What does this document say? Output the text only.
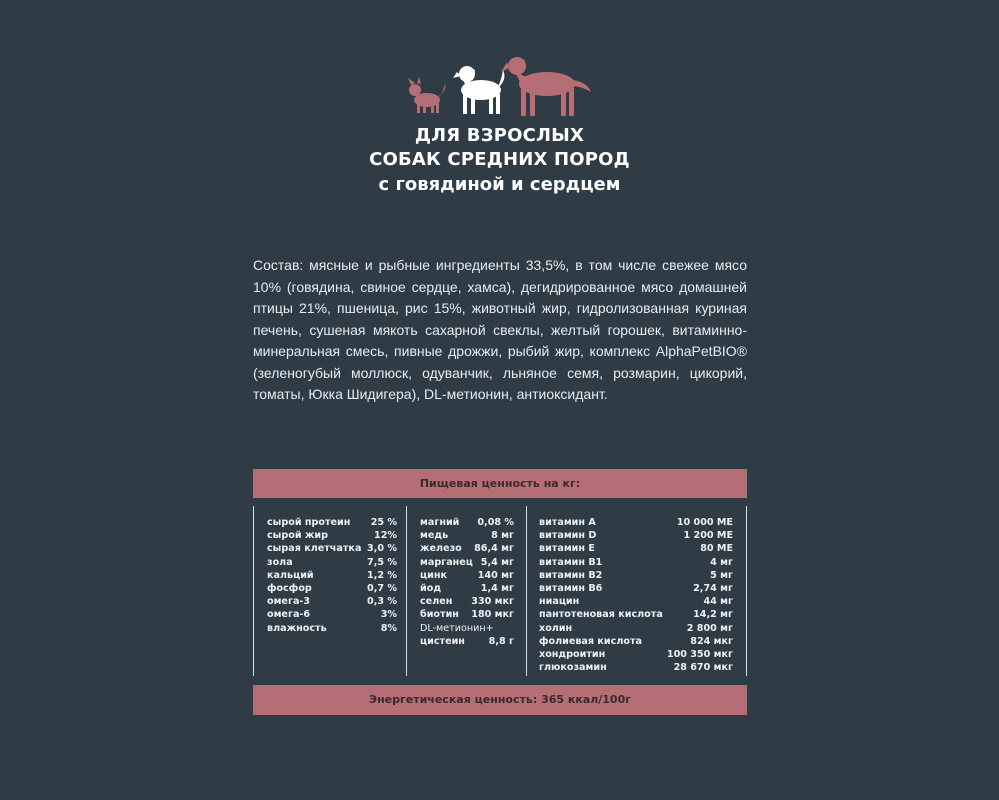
ДЛЯ ВЗРОСЛЫХ
СОБАК СРЕДНИХ ПОРОД
с говядиной и сердцем
Состав: мясные и рыбные ингредиенты 33,5%, в том числе свежее мясо 10% (говядина, свиное сердце, хамса), дегидрированное мясо домашней птицы 21%, пшеница, рис 15%, животный жир, гидролизованная куриная печень, сушеная мякоть сахарной свеклы, желтый горошек, витаминно-минеральная смесь, пивные дрожжи, рыбий жир, комплекс AlphaPetBIO® (зеленогубый моллюск, одуванчик, льняное семя, розмарин, цикорий, томаты, Юкка Шидигера), DL-метионин, антиоксидант.
Пищевая ценность на кг:
сырой протеин 25 %
сырой жир	12%
сырая клетчатка 3,0 %
зола	7,5 %
кальций	1,2 %
фосфор	0,7 %
омега-3	0,3 %
омега-6	3%
влажность	8%
магний 0,08 %
медь	8 мг
железо 86,4 мг
марганец 5,4 мг
цинк	140 мг
йод	1,4 мг
селен 330 мкг
биотин 180 мкг
DL-метионин+
цистеин 8,8 г
витамин А	10 000 МЕ
витамин D	1 200 МЕ
витамин Е	80 МЕ
витамин В1	4 мг
витамин В2	5 мг
витамин В6	2,74 мг
ниацин	44 мг
пантотеновая кислота	14,2 мг
холин	2 800 мг
фолиевая кислота	824 мкг
хондроитин	100 350 мкг
глюкозамин	28 670 мкг
Энергетическая ценность: 365 ккал/100г
